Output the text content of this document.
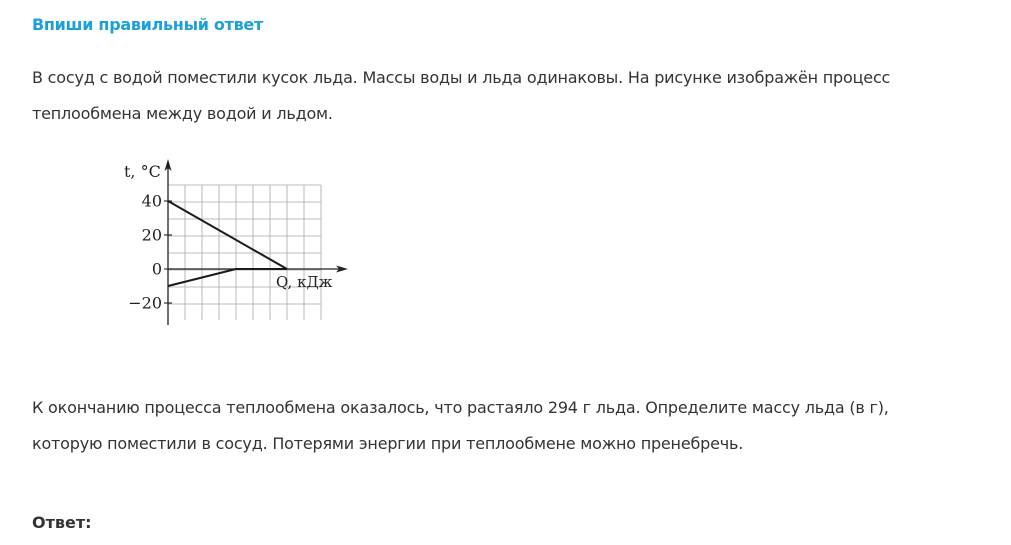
Впиши правильный ответ
В сосуд с водой поместили кусок льда. Массы воды и льда одинаковы. На рисунке изображён процесс теплообмена между водой и льдом.
40
20
0
−20
t, °C
Q, кДж
К окончанию процесса теплообмена оказалось, что растаяло 294 г льда. Определите массу льда (в г), которую поместили в сосуд. Потерями энергии при теплообмене можно пренебречь.
Ответ:
